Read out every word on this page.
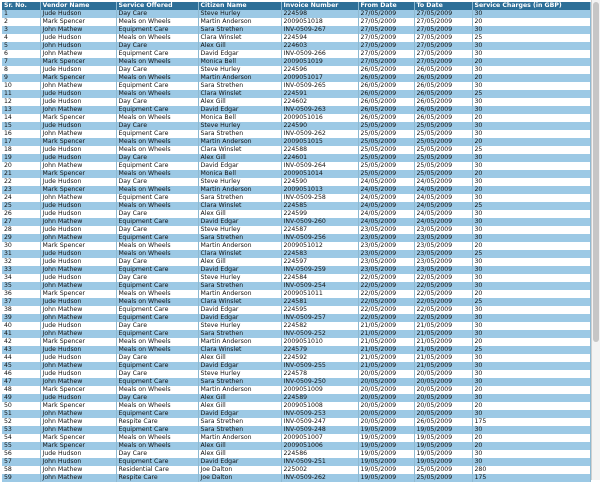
Sr. No.	Vendor Name	Service Offered	Citizen Name	Invoice Number	From Date	To Date	Service Charges (in GBP)
1	Jude Hudson	Day Care	Steve Hurley	224598	27/05/2009	27/05/2009	30
2	Mark Spencer	Meals on Wheels	Martin Anderson	2009051018	27/05/2009	27/05/2009	20
3	John Mathew	Equipment Care	Sara Strethen	INV-0509-267	27/05/2009	27/05/2009	30
4	Jude Hudson	Meals on Wheels	Clara Winslet	224594	27/05/2009	27/05/2009	25
5	John Hudson	Day Care	Alex Gill	224603	27/05/2009	27/05/2009	30
6	John Mathew	Equipment Care	David Edgar	INV-0509-266	27/05/2009	27/05/2009	30
7	Mark Spencer	Meals on Wheels	Monica Bell	2009051019	27/05/2009	27/05/2009	20
8	Jude Hudson	Day Care	Steve Hurley	224596	26/05/2009	26/05/2009	30
9	Mark Spencer	Meals on Wheels	Martin Anderson	2009051017	26/05/2009	26/05/2009	20
10	John Mathew	Equipment Care	Sara Strethen	INV-0509-265	26/05/2009	26/05/2009	30
11	Jude Hudson	Meals on Wheels	Clara Winslet	224591	26/05/2009	26/05/2009	25
12	Jude Hudson	Day Care	Alex Gill	224602	26/05/2009	26/05/2009	30
13	John Mathew	Equipment Care	David Edgar	INV-0509-263	26/05/2009	26/05/2009	30
14	Mark Spencer	Meals on Wheels	Monica Bell	2009051016	26/05/2009	26/05/2009	20
15	Jude Hudson	Day Care	Steve Hurley	224590	25/05/2009	25/05/2009	30
16	John Mathew	Equipment Care	Sara Strethen	INV-0509-262	25/05/2009	25/05/2009	30
17	Mark Spencer	Meals on Wheels	Martin Anderson	2009051015	25/05/2009	25/05/2009	20
18	Jude Hudson	Meals on Wheels	Clara Winslet	224588	25/05/2009	25/05/2009	25
19	Jude Hudson	Day Care	Alex Gill	224601	25/05/2009	25/05/2009	30
20	John Mathew	Equipment Care	David Edgar	INV-0509-264	25/05/2009	25/05/2009	30
21	Mark Spencer	Meals on Wheels	Monica Bell	2009051014	25/05/2009	25/05/2009	20
22	Jude Hudson	Day Care	Steve Hurley	224590	24/05/2009	24/05/2009	30
23	Mark Spencer	Meals on Wheels	Martin Anderson	2009051013	24/05/2009	24/05/2009	20
24	John Mathew	Equipment Care	Sara Strethen	INV-0509-258	24/05/2009	24/05/2009	30
25	Jude Hudson	Meals on Wheels	Clara Winslet	224585	24/05/2009	24/05/2009	25
26	Jude Hudson	Day Care	Alex Gill	224599	24/05/2009	24/05/2009	30
27	John Mathew	Equipment Care	David Edgar	INV-0509-260	24/05/2009	24/05/2009	30
28	Jude Hudson	Day Care	Steve Hurley	224587	23/05/2009	23/05/2009	30
29	John Mathew	Equipment Care	Sara Strethen	INV-0509-256	23/05/2009	23/05/2009	30
30	Mark Spencer	Meals on Wheels	Martin Anderson	2009051012	23/05/2009	23/05/2009	20
31	Jude Hudson	Meals on Wheels	Clara Winslet	224583	23/05/2009	23/05/2009	25
32	Jude Hudson	Day Care	Alex Gill	224597	23/05/2009	23/05/2009	30
33	John Mathew	Equipment Care	David Edgar	INV-0509-259	23/05/2009	23/05/2009	30
34	Jude Hudson	Day Care	Steve Hurley	224584	22/05/2009	22/05/2009	30
35	John Mathew	Equipment Care	Sara Strethen	INV-0509-254	22/05/2009	22/05/2009	30
36	Mark Spencer	Meals on Wheels	Martin Anderson	2009051011	22/05/2009	22/05/2009	20
37	Jude Hudson	Meals on Wheels	Clara Winslet	224581	22/05/2009	22/05/2009	25
38	John Mathew	Equipment Care	David Edgar	224595	22/05/2009	22/05/2009	30
39	John Mathew	Equipment Care	David Edgar	INV-0509-257	22/05/2009	22/05/2009	30
40	Jude Hudson	Day Care	Steve Hurley	224582	21/05/2009	21/05/2009	30
41	John Mathew	Equipment Care	Sara Strethen	INV-0509-252	21/05/2009	21/05/2009	30
42	Mark Spencer	Meals on Wheels	Martin Anderson	2009051010	21/05/2009	21/05/2009	20
43	Jude Hudson	Meals on Wheels	Clara Winslet	224579	21/05/2009	21/05/2009	25
44	Jude Hudson	Day Care	Alex Gill	224592	21/05/2009	21/05/2009	30
45	John Mathew	Equipment Care	David Edgar	INV-0509-255	21/05/2009	21/05/2009	30
46	Jude Hudson	Day Care	Steve Hurley	224578	20/05/2009	20/05/2009	30
47	John Mathew	Equipment Care	Sara Strethen	INV-0509-250	20/05/2009	20/05/2009	30
48	Mark Spencer	Meals on Wheels	Martin Anderson	2009051009	20/05/2009	20/05/2009	20
49	Jude Hudson	Day Care	Alex Gill	224589	20/05/2009	20/05/2009	30
50	Mark Spencer	Meals on Wheels	Alex Gill	2009051008	20/05/2009	20/05/2009	20
51	John Mathew	Equipment Care	David Edgar	INV-0509-253	20/05/2009	20/05/2009	30
52	John Mathew	Respite Care	Sara Strethen	INV-0509-247	20/05/2009	26/05/2009	175
53	John Mathew	Equipment Care	Sara Strethen	INV-0509-248	19/05/2009	19/05/2009	30
54	Mark Spencer	Meals on Wheels	Martin Anderson	2009051007	19/05/2009	19/05/2009	20
55	Mark Spencer	Meals on Wheels	Alex Gill	2009051006	19/05/2009	19/05/2009	20
56	Jude Hudson	Day Care	Alex Gill	224586	19/05/2009	19/05/2009	30
57	John Hudson	Equipment Care	David Edgar	INV-0509-251	19/05/2009	19/05/2009	30
58	John Mathew	Residential Care	Joe Dalton	225002	19/05/2009	25/05/2009	280
59	John Mathew	Respite Care	Joe Dalton	INV-0509-262	19/05/2009	25/05/2009	175
